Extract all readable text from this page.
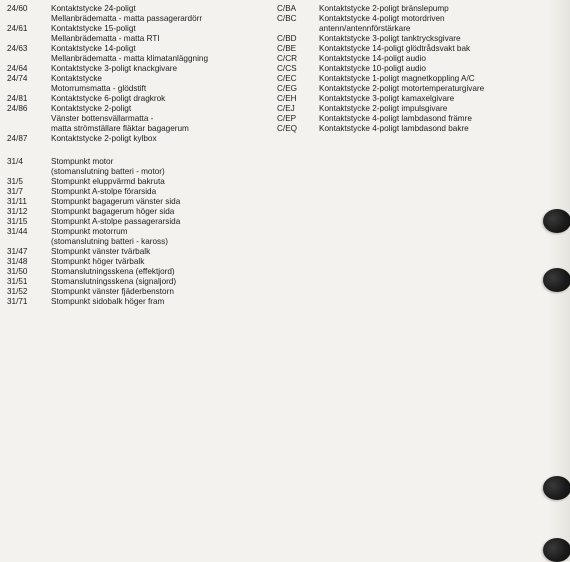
24/60	Kontaktstycke 24-poligt
Mellanbrädematta - matta passagerardörr
24/61	Kontaktstycke 15-poligt
Mellanbrädematta - matta RTI
24/63	Kontaktstycke 14-poligt
Mellanbrädematta - matta klimatanläggning
24/64	Kontaktstycke 3-poligt knackgivare
24/74	Kontaktstycke
Motorrumsmatta - glödstift
24/81	Kontaktstycke 6-poligt dragkrok
24/86	Kontaktstycke 2-poligt
Vänster bottensvällarmatta -
matta strömställare fläktar bagagerum
24/87	Kontaktstycke 2-poligt kylbox
31/4	Stompunkt motor
(stomanslutning batteri - motor)
31/5	Stompunkt eluppvärmd bakruta
31/7	Stompunkt A-stolpe förarsida
31/11	Stompunkt bagagerum vänster sida
31/12	Stompunkt bagagerum höger sida
31/15	Stompunkt A-stolpe passagerarsida
31/44	Stompunkt motorrum
(stomanslutning batteri - kaross)
31/47	Stompunkt vänster tvärbalk
31/48	Stompunkt höger tvärbalk
31/50	Stomanslutningsskena (effektjord)
31/51	Stomanslutningsskena (signaljord)
31/52	Stompunkt vänster fjäderbenstorn
31/71	Stompunkt sidobalk höger fram
C/BA	Kontaktstycke 2-poligt bränslepump
C/BC	Kontaktstycke 4-poligt motordriven
antenn/antennförstärkare
C/BD	Kontaktstycke 3-poligt tanktrycksgivare
C/BE	Kontaktstycke 14-poligt glödtrådsvakt bak
C/CR	Kontaktstycke 14-poligt audio
C/CS	Kontaktstycke 10-poligt audio
C/EC	Kontaktstycke 1-poligt magnetkoppling A/C
C/EG	Kontaktstycke 2-poligt motortemperaturgivare
C/EH	Kontaktstycke 3-poligt kamaxelgivare
C/EJ	Kontaktstycke 2-poligt impulsgivare
C/EP	Kontaktstycke 4-poligt lambdasond främre
C/EQ	Kontaktstycke 4-poligt lambdasond bakre
